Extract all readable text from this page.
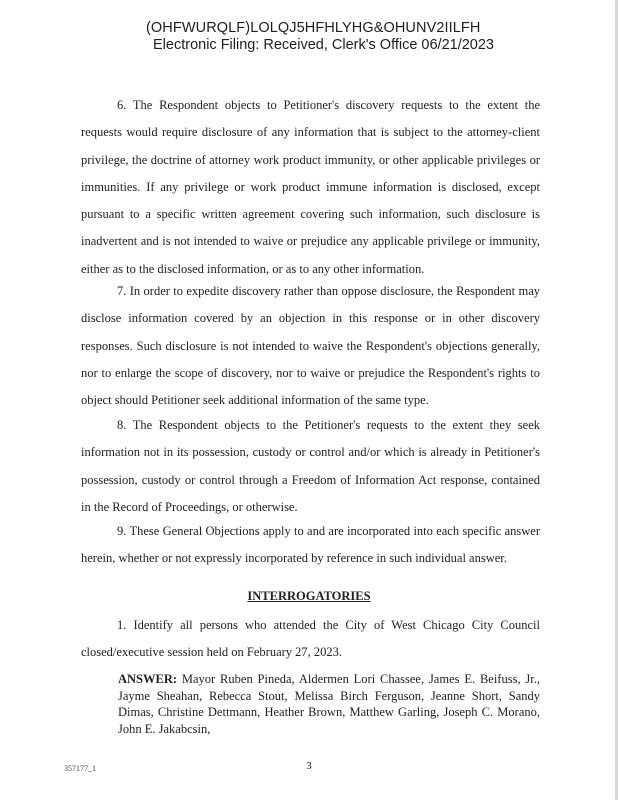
(OHFWURQLF)LOLQJ5HFHLYHG&OHUNV2IILFH
Electronic Filing: Received, Clerk's Office 06/21/2023

6. The Respondent objects to Petitioner's discovery requests to the extent the requests would require disclosure of any information that is subject to the attorney-client privilege, the doctrine of attorney work product immunity, or other applicable privileges or immunities. If any privilege or work product immune information is disclosed, except pursuant to a specific written agreement covering such information, such disclosure is inadvertent and is not intended to waive or prejudice any applicable privilege or immunity, either as to the disclosed information, or as to any other information.

7. In order to expedite discovery rather than oppose disclosure, the Respondent may disclose information covered by an objection in this response or in other discovery responses. Such disclosure is not intended to waive the Respondent's objections generally, nor to enlarge the scope of discovery, nor to waive or prejudice the Respondent's rights to object should Petitioner seek additional information of the same type.

8. The Respondent objects to the Petitioner's requests to the extent they seek information not in its possession, custody or control and/or which is already in Petitioner's possession, custody or control through a Freedom of Information Act response, contained in the Record of Proceedings, or otherwise.

9. These General Objections apply to and are incorporated into each specific answer herein, whether or not expressly incorporated by reference in such individual answer.

INTERROGATORIES

1. Identify all persons who attended the City of West Chicago City Council closed/executive session held on February 27, 2023.

ANSWER: Mayor Ruben Pineda, Aldermen Lori Chassee, James E. Beifuss, Jr., Jayme Sheahan, Rebecca Stout, Melissa Birch Ferguson, Jeanne Short, Sandy Dimas, Christine Dettmann, Heather Brown, Matthew Garling, Joseph C. Morano, John E. Jakabcsin,

357177_1	3
